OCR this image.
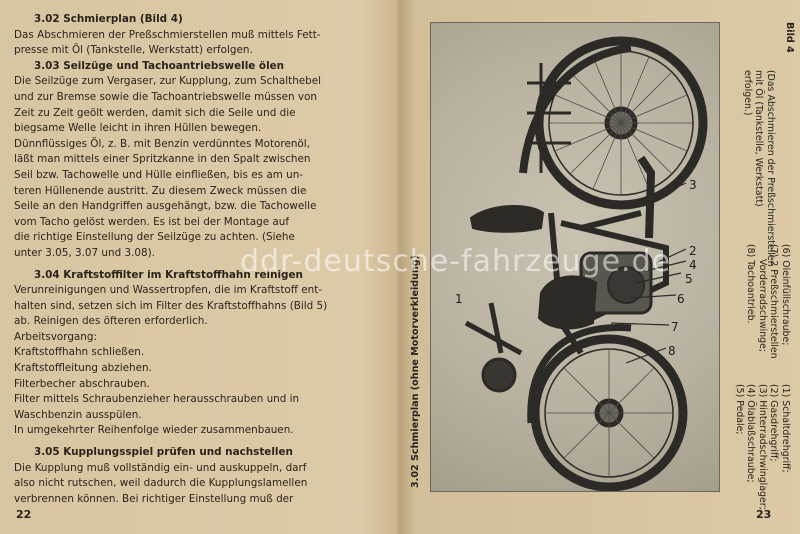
3.02 Schmierplan (Bild 4)
Das Abschmieren der Preßschmierstellen muß mittels Fett-
presse mit Öl (Tankstelle, Werkstatt) erfolgen.
3.03 Seilzüge und Tachoantriebswelle ölen
Die Seilzüge zum Vergaser, zur Kupplung, zum Schalthebel
und zur Bremse sowie die Tachoantriebswelle müssen von
Zeit zu Zeit geölt werden, damit sich die Seile und die
biegsame Welle leicht in ihren Hüllen bewegen.
Dünnflüssiges Öl, z. B. mit Benzin verdünntes Motorenöl,
läßt man mittels einer Spritzkanne in den Spalt zwischen
Seil bzw. Tachowelle und Hülle einfließen, bis es am un-
teren Hüllenende austritt. Zu diesem Zweck müssen die
Seile an den Handgriffen ausgehängt, bzw. die Tachowelle
vom Tacho gelöst werden. Es ist bei der Montage auf
die richtige Einstellung der Seilzüge zu achten. (Siehe
unter 3.05, 3.07 und 3.08).
3.04 Kraftstoffilter im Kraftstoffhahn reinigen
Verunreinigungen und Wassertropfen, die im Kraftstoff ent-
halten sind, setzen sich im Filter des Kraftstoffhahns (Bild 5)
ab. Reinigen des öfteren erforderlich.
Arbeitsvorgang:
Kraftstoffhahn schließen.
Kraftstoffleitung abziehen.
Filterbecher abschrauben.
Filter mittels Schraubenzieher herausschrauben und in
Waschbenzin ausspülen.
In umgekehrter Reihenfolge wieder zusammenbauen.
3.05 Kupplungsspiel prüfen und nachstellen
Die Kupplung muß vollständig ein- und auskuppeln, darf
also nicht rutschen, weil dadurch die Kupplungslamellen
verbrennen können. Bei richtiger Einstellung muß der
22
3
2
4
5
6
7
8
1
3.02 Schmierplan (ohne Motorverkleidung)
Bild 4
(Das Abschmieren der Preßschmierstellen
mit Öl (Tankstelle, Werkstatt)
erfolgen.)
(1) Schaltdrehgriff;
(2) Gasdrehgriff;
(3) Hinterradschwinglager;
(4) Ölablaßschraube;
(5) Pedale;
(6) Oleinfüllschraube;
(7) 2 Preßschmierstellen
Vorderradschwinge;
(8) Tachoantrieb.
23
ddr-deutsche-fahrzeuge.de
